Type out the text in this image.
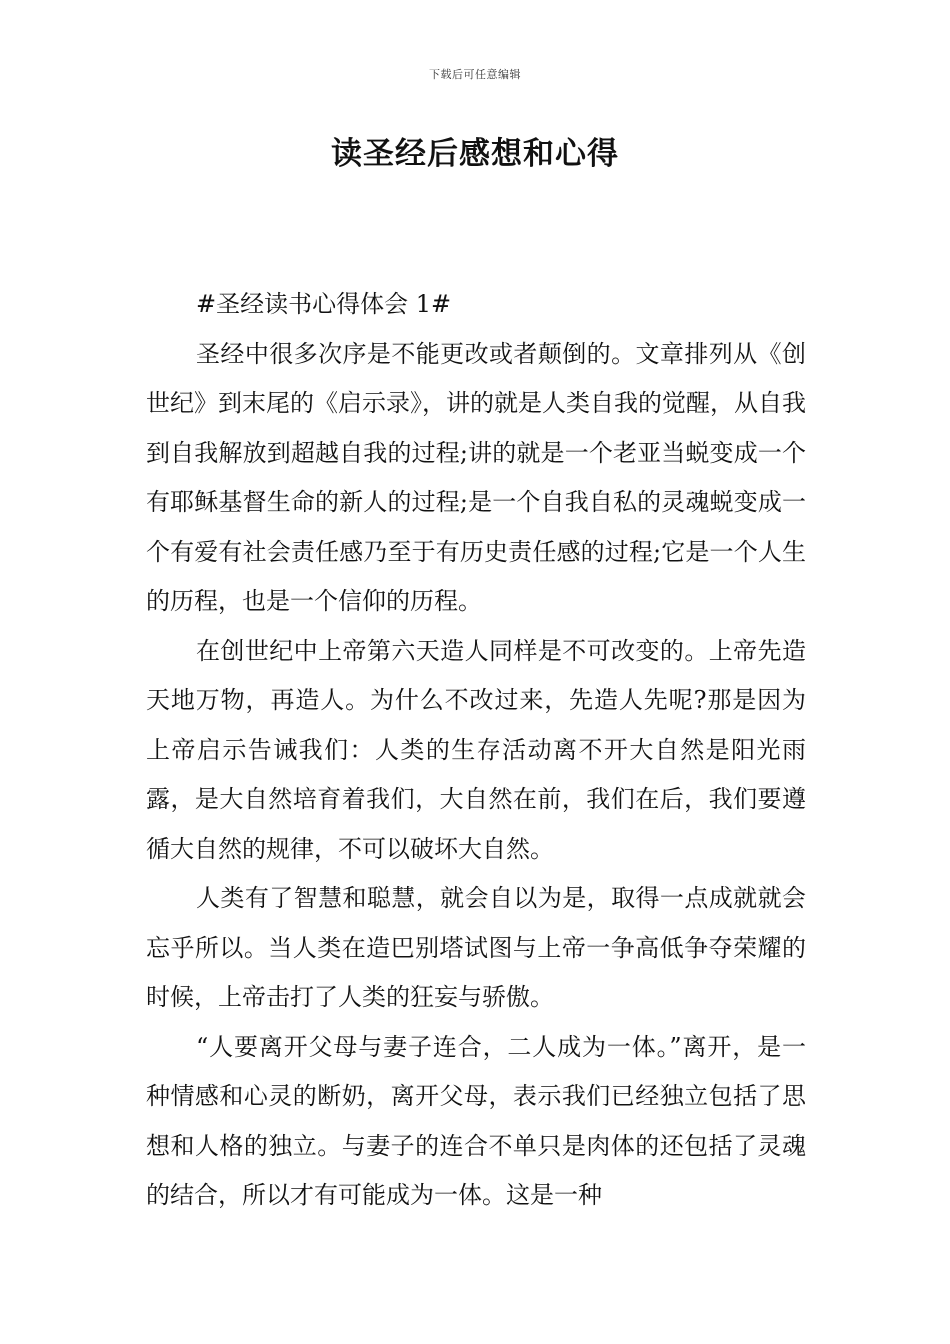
下载后可任意编辑
读圣经后感想和心得

#圣经读书心得体会 1#

圣经中很多次序是不能更改或者颠倒的。文章排列从《创世纪》到末尾的《启示录》，讲的就是人类自我的觉醒，从自我到自我解放到超越自我的过程;讲的就是一个老亚当蜕变成一个有耶稣基督生命的新人的过程;是一个自我自私的灵魂蜕变成一个有爱有社会责任感乃至于有历史责任感的过程;它是一个人生的历程，也是一个信仰的历程。

在创世纪中上帝第六天造人同样是不可改变的。上帝先造天地万物，再造人。为什么不改过来，先造人先呢?那是因为上帝启示告诫我们：人类的生存活动离不开大自然是阳光雨露，是大自然培育着我们，大自然在前，我们在后，我们要遵循大自然的规律，不可以破坏大自然。

人类有了智慧和聪慧，就会自以为是，取得一点成就就会忘乎所以。当人类在造巴别塔试图与上帝一争高低争夺荣耀的时候，上帝击打了人类的狂妄与骄傲。

“人要离开父母与妻子连合，二人成为一体。”离开，是一种情感和心灵的断奶，离开父母，表示我们已经独立包括了思想和人格的独立。与妻子的连合不单只是肉体的还包括了灵魂的结合，所以才有可能成为一体。这是一种
